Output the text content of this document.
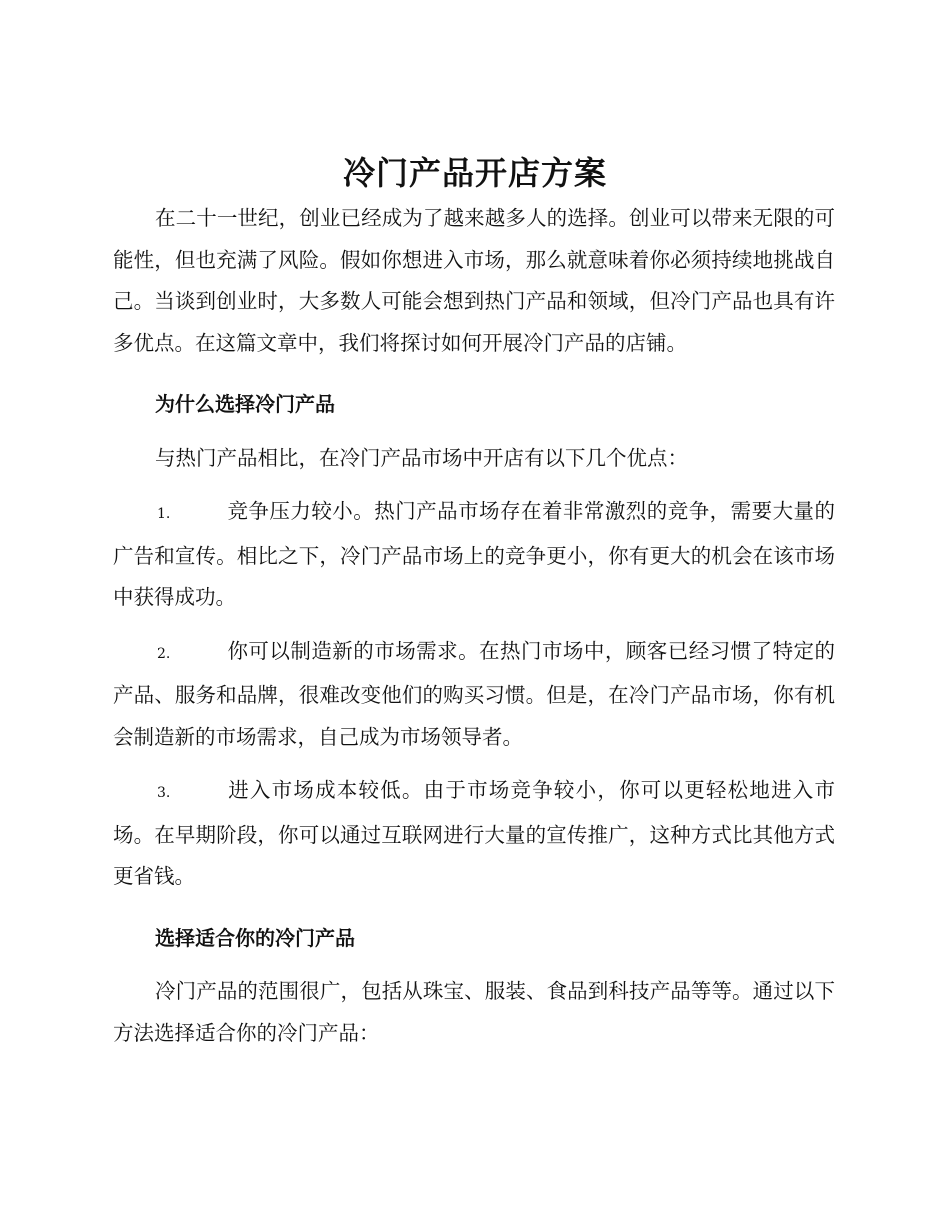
冷门产品开店方案

在二十一世纪，创业已经成为了越来越多人的选择。创业可以带来无限的可能性，但也充满了风险。假如你想进入市场，那么就意味着你必须持续地挑战自己。当谈到创业时，大多数人可能会想到热门产品和领域，但冷门产品也具有许多优点。在这篇文章中，我们将探讨如何开展冷门产品的店铺。

为什么选择冷门产品

与热门产品相比，在冷门产品市场中开店有以下几个优点：

1.	竞争压力较小。热门产品市场存在着非常激烈的竞争，需要大量的广告和宣传。相比之下，冷门产品市场上的竞争更小，你有更大的机会在该市场中获得成功。

2.	你可以制造新的市场需求。在热门市场中，顾客已经习惯了特定的产品、服务和品牌，很难改变他们的购买习惯。但是，在冷门产品市场，你有机会制造新的市场需求，自己成为市场领导者。

3.	进入市场成本较低。由于市场竞争较小，你可以更轻松地进入市场。在早期阶段，你可以通过互联网进行大量的宣传推广，这种方式比其他方式更省钱。

选择适合你的冷门产品

冷门产品的范围很广，包括从珠宝、服装、食品到科技产品等等。通过以下方法选择适合你的冷门产品：
